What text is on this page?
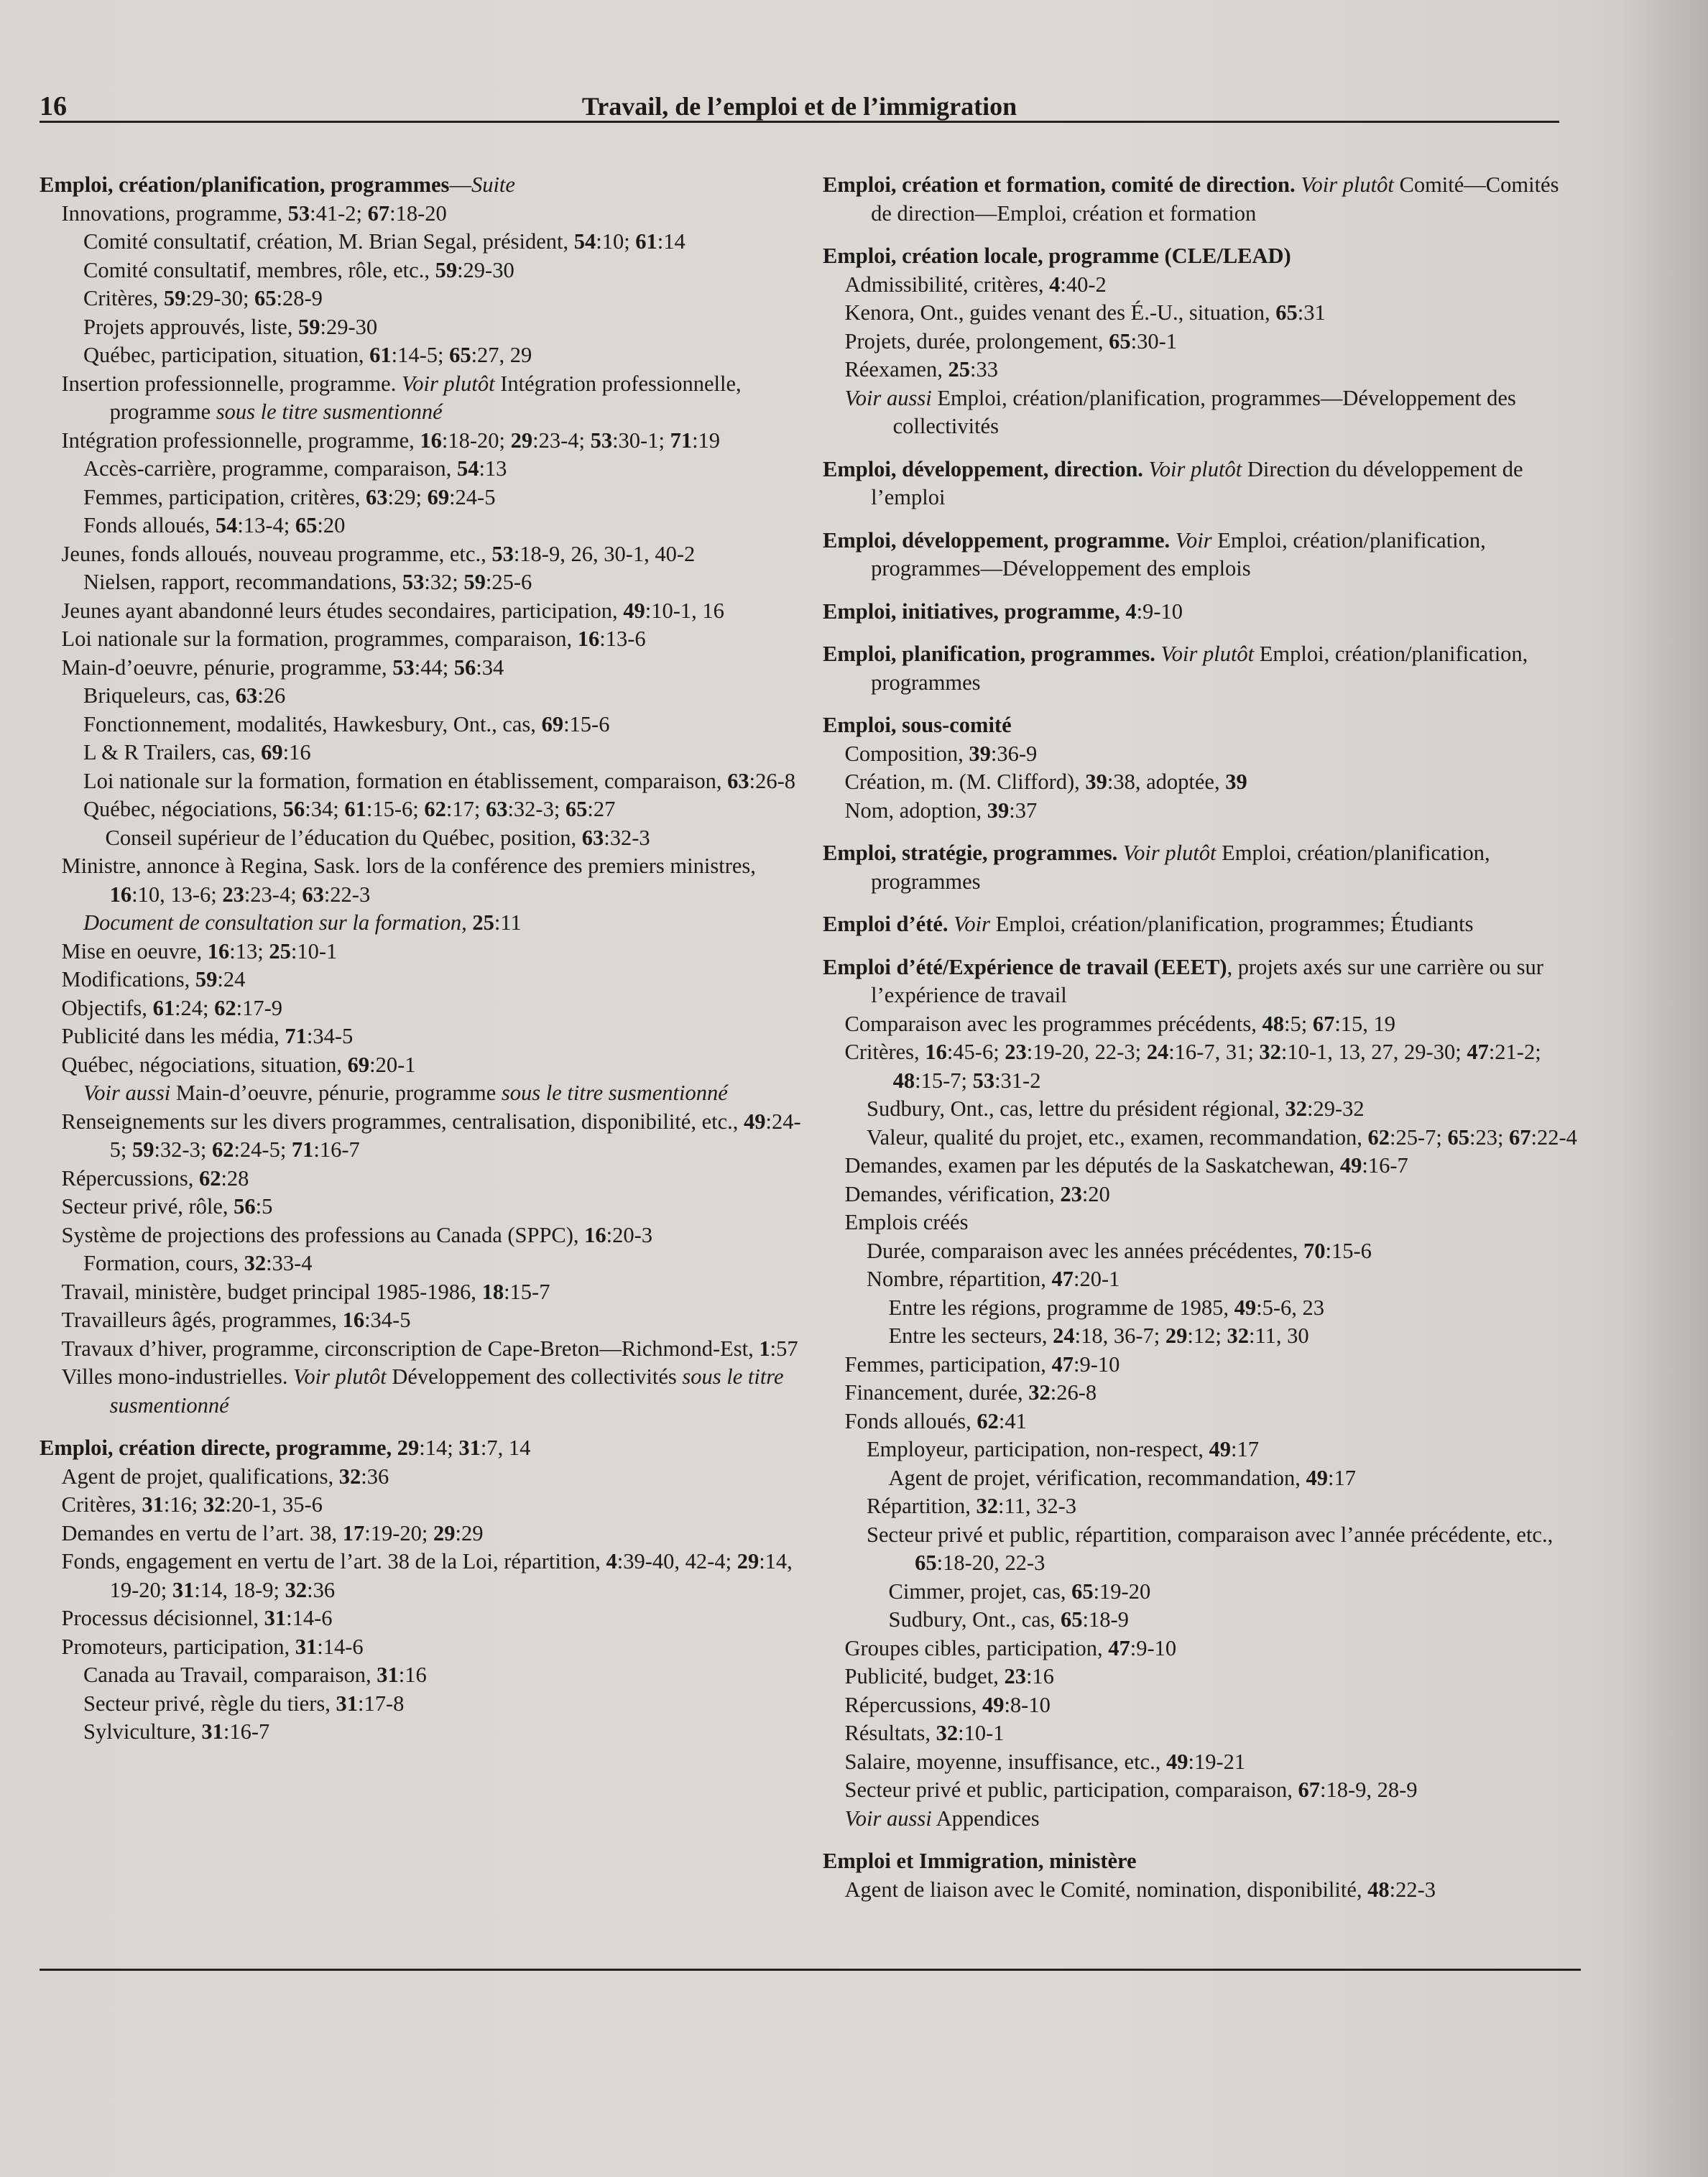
16	Travail, de l’emploi et de l’immigration
Emploi, création/planification, programmes—Suite
Innovations, programme, 53:41-2; 67:18-20
Comité consultatif, création, M. Brian Segal, président, 54:10; 61:14
Comité consultatif, membres, rôle, etc., 59:29-30
Critères, 59:29-30; 65:28-9
Projets approuvés, liste, 59:29-30
Québec, participation, situation, 61:14-5; 65:27, 29
Insertion professionnelle, programme. Voir plutôt Intégration professionnelle, programme sous le titre susmentionné
Intégration professionnelle, programme, 16:18-20; 29:23-4; 53:30-1; 71:19
Accès-carrière, programme, comparaison, 54:13
Femmes, participation, critères, 63:29; 69:24-5
Fonds alloués, 54:13-4; 65:20
Jeunes, fonds alloués, nouveau programme, etc., 53:18-9, 26, 30-1, 40-2
Nielsen, rapport, recommandations, 53:32; 59:25-6
Jeunes ayant abandonné leurs études secondaires, participation, 49:10-1, 16
Loi nationale sur la formation, programmes, comparaison, 16:13-6
Main-d’oeuvre, pénurie, programme, 53:44; 56:34
Briqueleurs, cas, 63:26
Fonctionnement, modalités, Hawkesbury, Ont., cas, 69:15-6
L & R Trailers, cas, 69:16
Loi nationale sur la formation, formation en établissement, comparaison, 63:26-8
Québec, négociations, 56:34; 61:15-6; 62:17; 63:32-3; 65:27
Conseil supérieur de l’éducation du Québec, position, 63:32-3
Ministre, annonce à Regina, Sask. lors de la conférence des premiers ministres, 16:10, 13-6; 23:23-4; 63:22-3
Document de consultation sur la formation, 25:11
Mise en oeuvre, 16:13; 25:10-1
Modifications, 59:24
Objectifs, 61:24; 62:17-9
Publicité dans les média, 71:34-5
Québec, négociations, situation, 69:20-1
Voir aussi Main-d’oeuvre, pénurie, programme sous le titre susmentionné
Renseignements sur les divers programmes, centralisation, disponibilité, etc., 49:24-5; 59:32-3; 62:24-5; 71:16-7
Répercussions, 62:28
Secteur privé, rôle, 56:5
Système de projections des professions au Canada (SPPC), 16:20-3
Formation, cours, 32:33-4
Travail, ministère, budget principal 1985-1986, 18:15-7
Travailleurs âgés, programmes, 16:34-5
Travaux d’hiver, programme, circonscription de Cape-Breton—Richmond-Est, 1:57
Villes mono-industrielles. Voir plutôt Développement des collectivités sous le titre susmentionné
Emploi, création directe, programme, 29:14; 31:7, 14
Agent de projet, qualifications, 32:36
Critères, 31:16; 32:20-1, 35-6
Demandes en vertu de l’art. 38, 17:19-20; 29:29
Fonds, engagement en vertu de l’art. 38 de la Loi, répartition, 4:39-40, 42-4; 29:14, 19-20; 31:14, 18-9; 32:36
Processus décisionnel, 31:14-6
Promoteurs, participation, 31:14-6
Canada au Travail, comparaison, 31:16
Secteur privé, règle du tiers, 31:17-8
Sylviculture, 31:16-7
Emploi, création et formation, comité de direction. Voir plutôt Comité—Comités de direction—Emploi, création et formation
Emploi, création locale, programme (CLE/LEAD)
Admissibilité, critères, 4:40-2
Kenora, Ont., guides venant des É.-U., situation, 65:31
Projets, durée, prolongement, 65:30-1
Réexamen, 25:33
Voir aussi Emploi, création/planification, programmes—Développement des collectivités
Emploi, développement, direction. Voir plutôt Direction du développement de l’emploi
Emploi, développement, programme. Voir Emploi, création/planification, programmes—Développement des emplois
Emploi, initiatives, programme, 4:9-10
Emploi, planification, programmes. Voir plutôt Emploi, création/planification, programmes
Emploi, sous-comité
Composition, 39:36-9
Création, m. (M. Clifford), 39:38, adoptée, 39
Nom, adoption, 39:37
Emploi, stratégie, programmes. Voir plutôt Emploi, création/planification, programmes
Emploi d’été. Voir Emploi, création/planification, programmes; Étudiants
Emploi d’été/Expérience de travail (EEET), projets axés sur une carrière ou sur l’expérience de travail
Comparaison avec les programmes précédents, 48:5; 67:15, 19
Critères, 16:45-6; 23:19-20, 22-3; 24:16-7, 31; 32:10-1, 13, 27, 29-30; 47:21-2; 48:15-7; 53:31-2
Sudbury, Ont., cas, lettre du président régional, 32:29-32
Valeur, qualité du projet, etc., examen, recommandation, 62:25-7; 65:23; 67:22-4
Demandes, examen par les députés de la Saskatchewan, 49:16-7
Demandes, vérification, 23:20
Emplois créés
Durée, comparaison avec les années précédentes, 70:15-6
Nombre, répartition, 47:20-1
Entre les régions, programme de 1985, 49:5-6, 23
Entre les secteurs, 24:18, 36-7; 29:12; 32:11, 30
Femmes, participation, 47:9-10
Financement, durée, 32:26-8
Fonds alloués, 62:41
Employeur, participation, non-respect, 49:17
Agent de projet, vérification, recommandation, 49:17
Répartition, 32:11, 32-3
Secteur privé et public, répartition, comparaison avec l’année précédente, etc., 65:18-20, 22-3
Cimmer, projet, cas, 65:19-20
Sudbury, Ont., cas, 65:18-9
Groupes cibles, participation, 47:9-10
Publicité, budget, 23:16
Répercussions, 49:8-10
Résultats, 32:10-1
Salaire, moyenne, insuffisance, etc., 49:19-21
Secteur privé et public, participation, comparaison, 67:18-9, 28-9
Voir aussi Appendices
Emploi et Immigration, ministère
Agent de liaison avec le Comité, nomination, disponibilité, 48:22-3
